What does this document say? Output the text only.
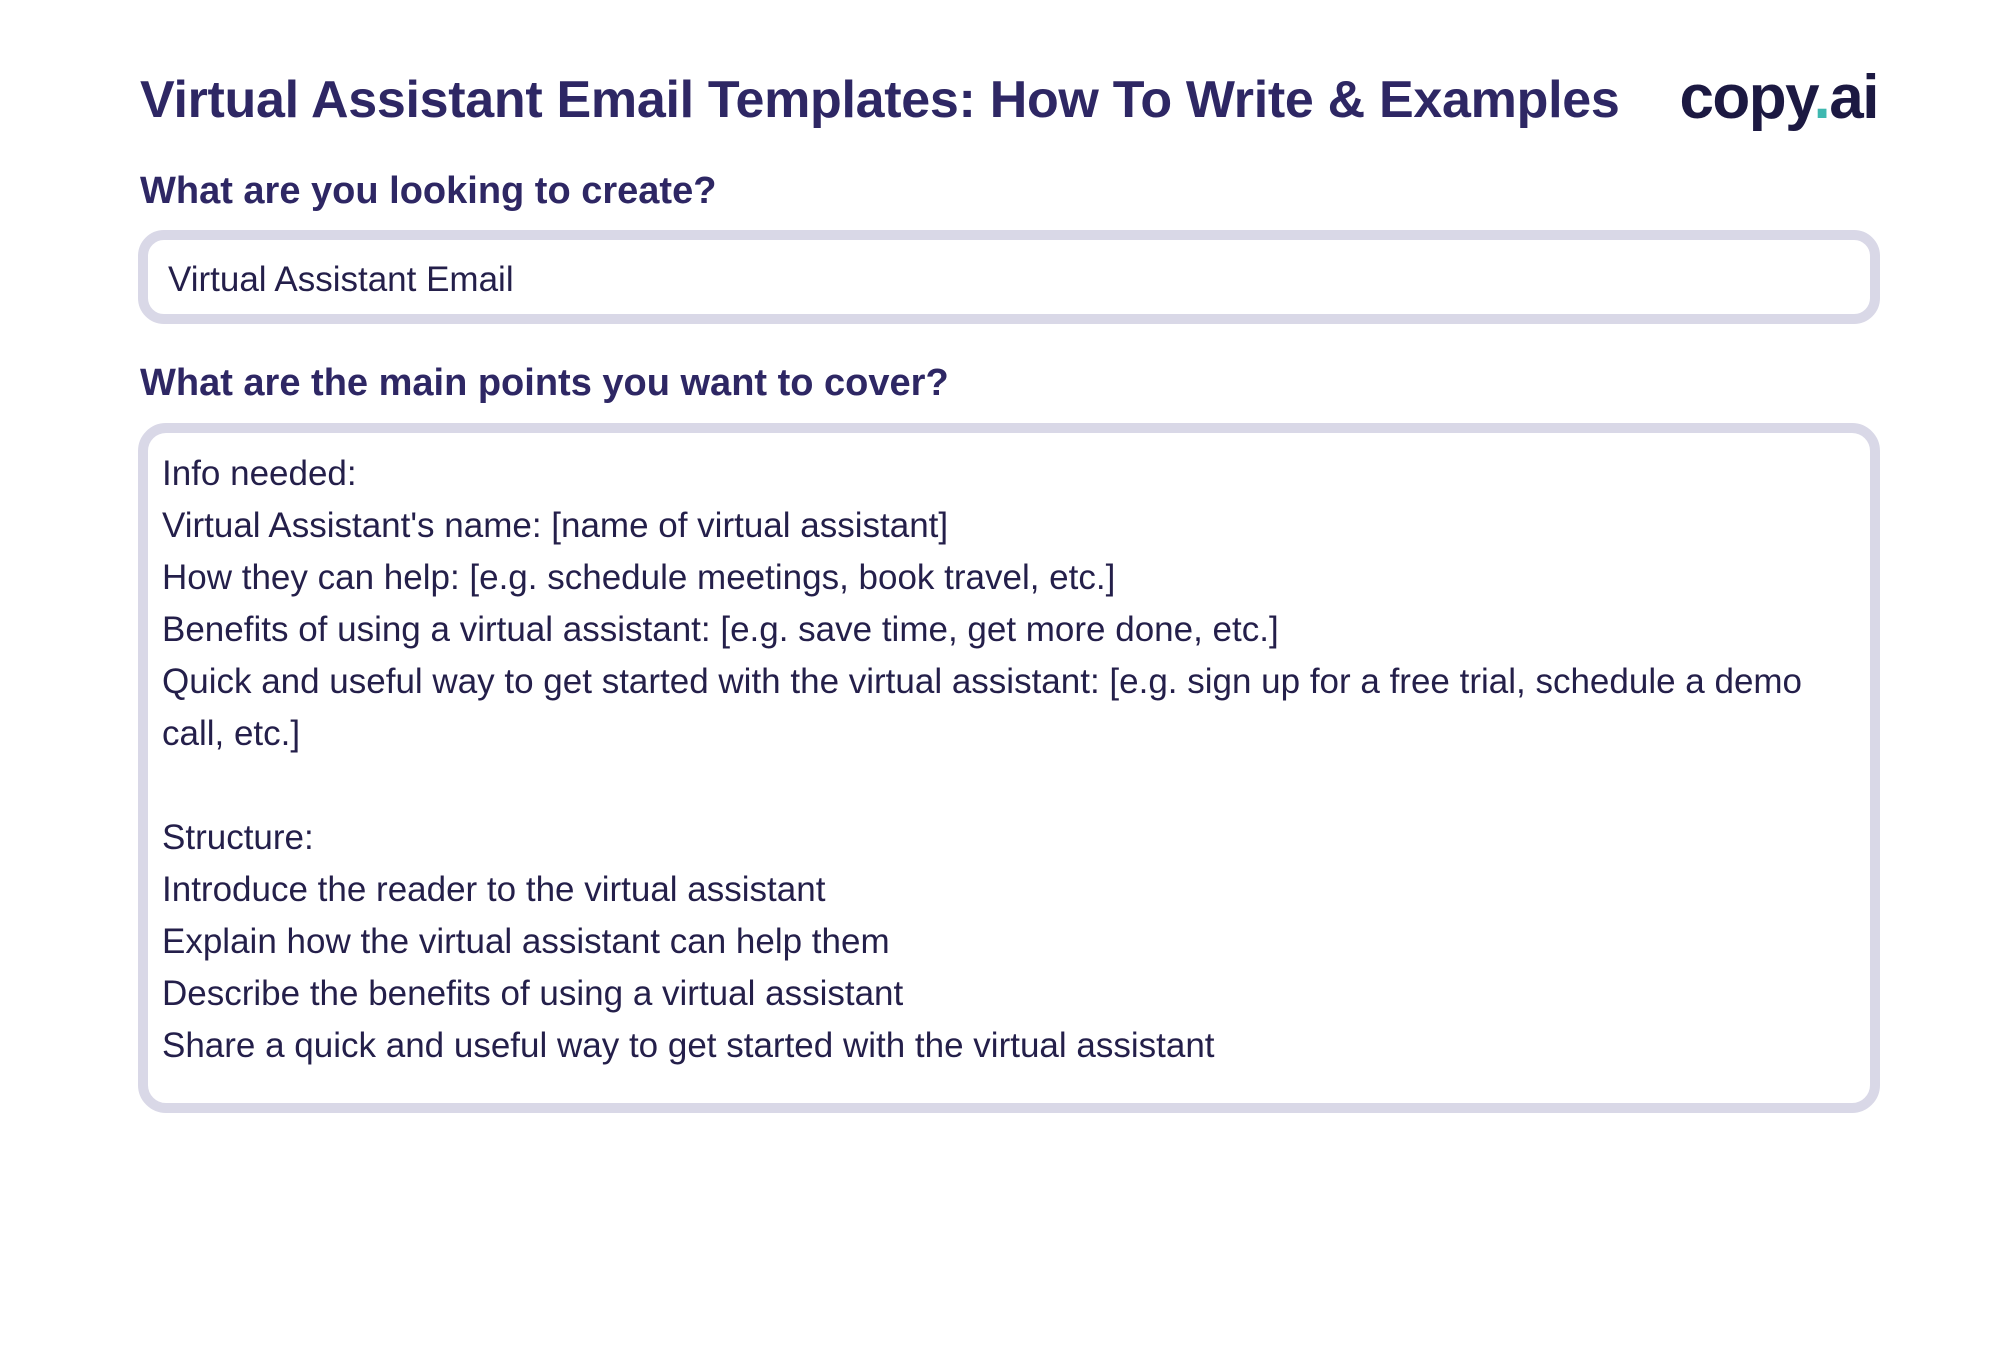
Virtual Assistant Email Templates: How To Write & Examples copy.ai
What are you looking to create?
Virtual Assistant Email
What are the main points you want to cover?
Info needed:
Virtual Assistant's name: [name of virtual assistant]
How they can help: [e.g. schedule meetings, book travel, etc.]
Benefits of using a virtual assistant: [e.g. save time, get more done, etc.]
Quick and useful way to get started with the virtual assistant: [e.g. sign up for a free trial, schedule a demo call, etc.]
Structure:
Introduce the reader to the virtual assistant
Explain how the virtual assistant can help them
Describe the benefits of using a virtual assistant
Share a quick and useful way to get started with the virtual assistant
